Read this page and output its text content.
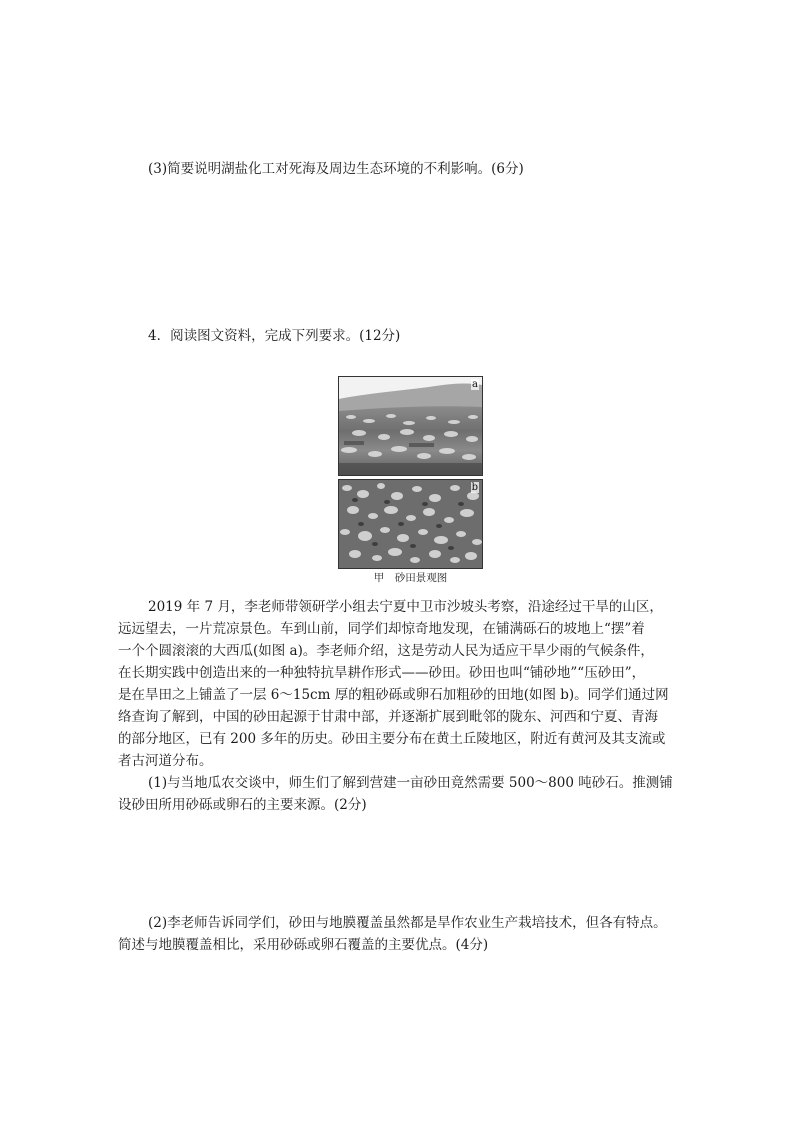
(3)简要说明湖盐化工对死海及周边生态环境的不利影响。(6分)
4．阅读图文资料，完成下列要求。(12分)
a
b
甲　砂田景观图
2019 年 7 月，李老师带领研学小组去宁夏中卫市沙坡头考察，沿途经过干旱的山区，
远远望去，一片荒凉景色。车到山前，同学们却惊奇地发现，在铺满砾石的坡地上“摆”着
一个个圆滚滚的大西瓜(如图 a)。李老师介绍，这是劳动人民为适应干旱少雨的气候条件，
在长期实践中创造出来的一种独特抗旱耕作形式——砂田。砂田也叫“铺砂地”“压砂田”，
是在旱田之上铺盖了一层 6～15cm 厚的粗砂砾或卵石加粗砂的田地(如图 b)。同学们通过网
络查询了解到，中国的砂田起源于甘肃中部，并逐渐扩展到毗邻的陇东、河西和宁夏、青海
的部分地区，已有 200 多年的历史。砂田主要分布在黄土丘陵地区，附近有黄河及其支流或
者古河道分布。
(1)与当地瓜农交谈中，师生们了解到营建一亩砂田竟然需要 500～800 吨砂石。推测铺
设砂田所用砂砾或卵石的主要来源。(2分)
(2)李老师告诉同学们，砂田与地膜覆盖虽然都是旱作农业生产栽培技术，但各有特点。
简述与地膜覆盖相比，采用砂砾或卵石覆盖的主要优点。(4分)
